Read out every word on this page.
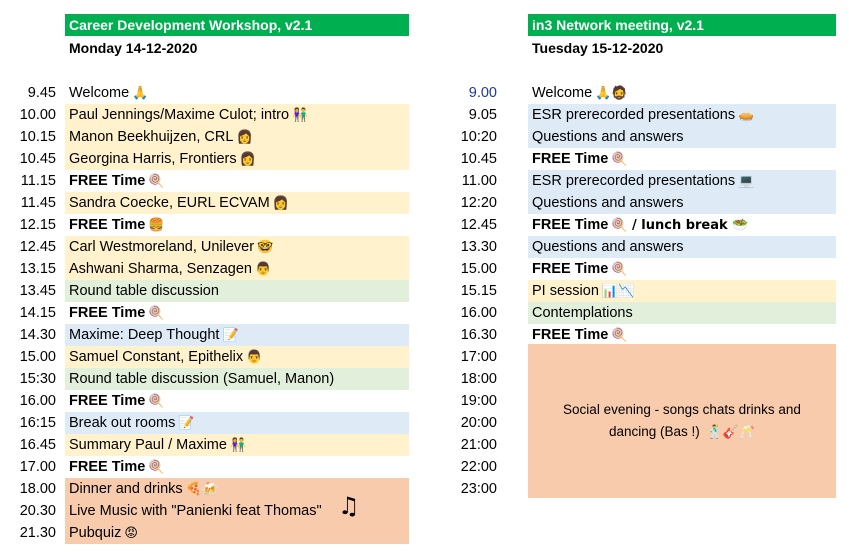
Career Development Workshop, v2.1
Monday 14-12-2020
9.45 Welcome 🙏
10.00 Paul Jennings/Maxime Culot; intro 👫
10.15 Manon Beekhuijzen, CRL 👩
10.45 Georgina Harris, Frontiers 👩
11.15 FREE Time 🍭
11.45 Sandra Coecke, EURL ECVAM 👩
12.15 FREE Time 🍔
12.45 Carl Westmoreland, Unilever 🤓
13.15 Ashwani Sharma, Senzagen 👨
13.45 Round table discussion
14.15 FREE Time 🍭
14.30 Maxime: Deep Thought 📝
15.00 Samuel Constant, Epithelix 👨
15:30 Round table discussion (Samuel, Manon)
16.00 FREE Time 🍭
16:15 Break out rooms 📝
16.45 Summary Paul / Maxime 👫
17.00 FREE Time 🍭
18.00 Dinner and drinks 🍕🍻
20.30 Live Music with "Panienki feat Thomas"
21.30 Pubquiz 😡
♫
in3 Network meeting, v2.1
Tuesday 15-12-2020
9.00 Welcome 🙏🧔
9.05 ESR prerecorded presentations 🥧
10:20 Questions and answers
10.45 FREE Time 🍭
11.00 ESR prerecorded presentations 💻
12:20 Questions and answers
12.45 FREE Time 🍭 / lunch break 🥗
13.30 Questions and answers
15.00 FREE Time 🍭
15.15 PI session 📊📉
16.00 Contemplations
16.30 FREE Time 🍭
17:00
18:00
19:00
20:00
21:00
22:00
23:00
Social evening - songs chats drinks and dancing (Bas !) 🕺🎸🥂
